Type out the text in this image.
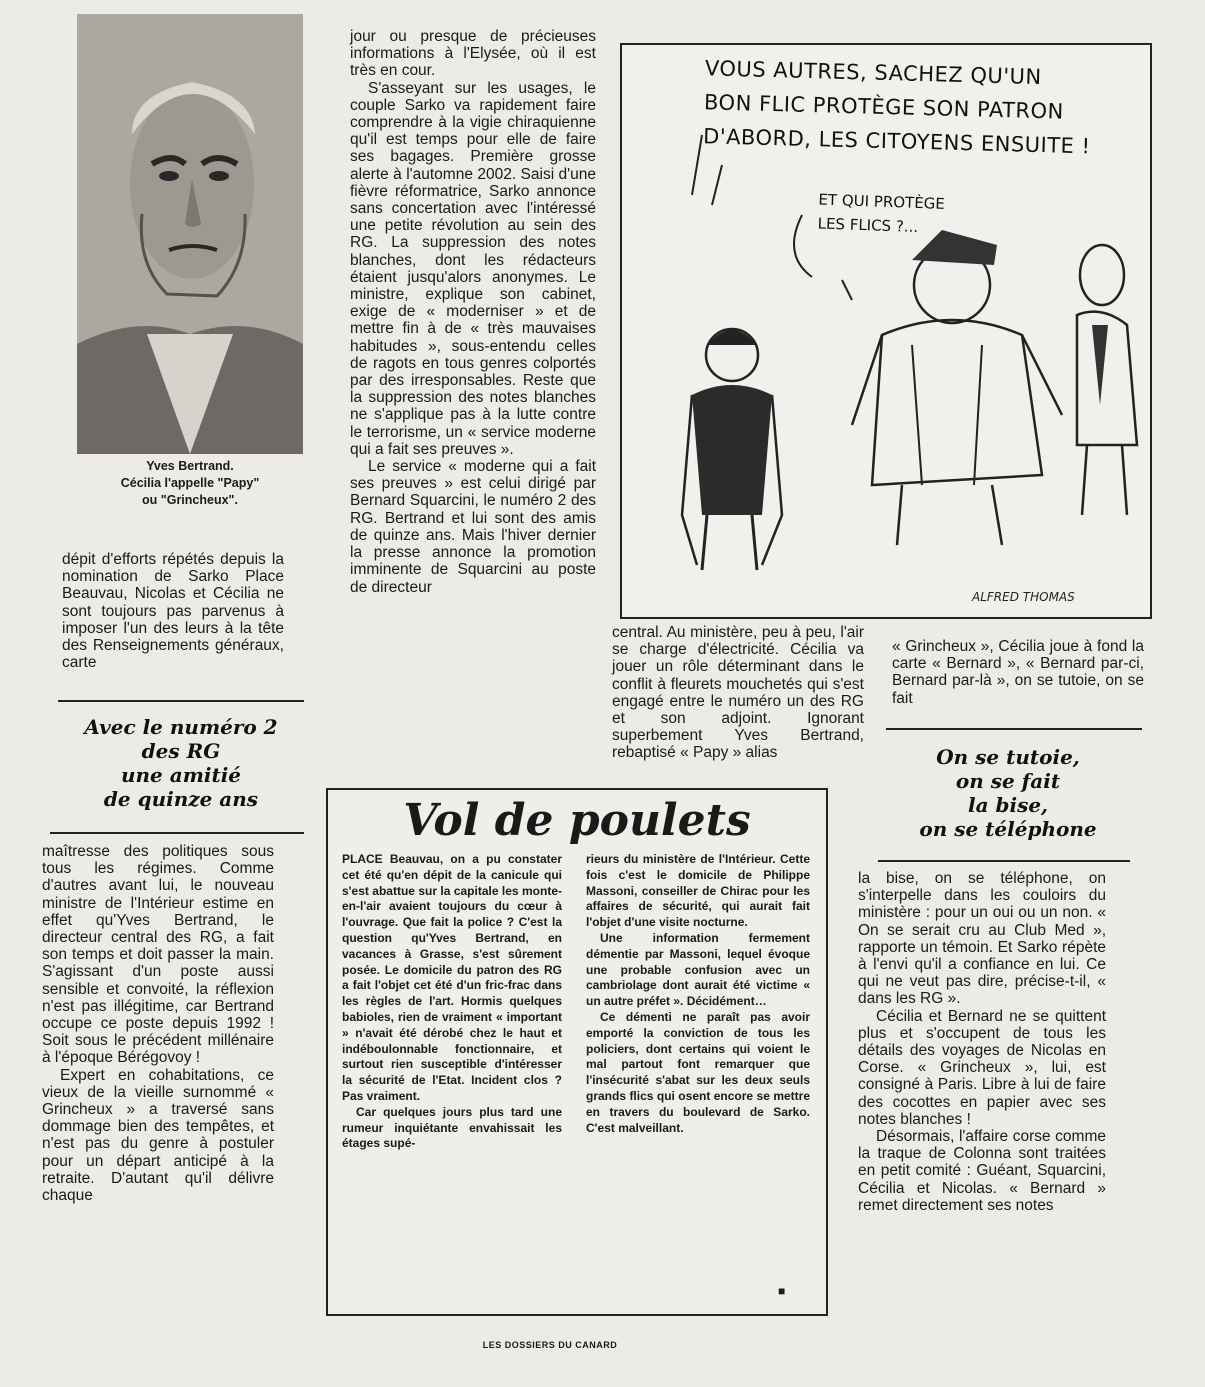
Yves Bertrand.
Cécilia l'appelle "Papy"
ou "Grincheux".

dépit d'efforts répétés depuis la nomination de Sarko Place Beauvau, Nicolas et Cécilia ne sont toujours pas parvenus à imposer l'un des leurs à la tête des Renseignements généraux, carte

Avec le numéro 2
des RG
une amitié
de quinze ans

maîtresse des politiques sous tous les régimes. Comme d'autres avant lui, le nouveau ministre de l'Intérieur estime en effet qu'Yves Bertrand, le directeur central des RG, a fait son temps et doit passer la main. S'agissant d'un poste aussi sensible et convoité, la réflexion n'est pas illégitime, car Bertrand occupe ce poste depuis 1992 ! Soit sous le précédent millénaire à l'époque Bérégovoy !

Expert en cohabitations, ce vieux de la vieille surnommé « Grincheux » a traversé sans dommage bien des tempêtes, et n'est pas du genre à postuler pour un départ anticipé à la retraite. D'autant qu'il délivre chaque

jour ou presque de précieuses informations à l'Elysée, où il est très en cour.

S'asseyant sur les usages, le couple Sarko va rapidement faire comprendre à la vigie chiraquienne qu'il est temps pour elle de faire ses bagages. Première grosse alerte à l'automne 2002. Saisi d'une fièvre réformatrice, Sarko annonce sans concertation avec l'intéressé une petite révolution au sein des RG. La suppression des notes blanches, dont les rédacteurs étaient jusqu'alors anonymes. Le ministre, explique son cabinet, exige de « moderniser » et de mettre fin à de « très mauvaises habitudes », sous-entendu celles de ragots en tous genres colportés par des irresponsables. Reste que la suppression des notes blanches ne s'applique pas à la lutte contre le terrorisme, un « service moderne qui a fait ses preuves ».

Le service « moderne qui a fait ses preuves » est celui dirigé par Bernard Squarcini, le numéro 2 des RG. Bertrand et lui sont des amis de quinze ans. Mais l'hiver dernier la presse annonce la promotion imminente de Squarcini au poste de directeur

VOUS AUTRES, SACHEZ QU'UN
BON FLIC PROTÈGE SON PATRON
D'ABORD, LES CITOYENS ENSUITE !
ET QUI PROTÈGE
LES FLICS ?...
ALFRED THOMAS

central. Au ministère, peu à peu, l'air se charge d'électricité. Cécilia va jouer un rôle déterminant dans le conflit à fleurets mouchetés qui s'est engagé entre le numéro un des RG et son adjoint. Ignorant superbement Yves Bertrand, rebaptisé « Papy » alias

« Grincheux », Cécilia joue à fond la carte « Bernard », « Bernard par-ci, Bernard par-là », on se tutoie, on se fait

On se tutoie,
on se fait
la bise,
on se téléphone

la bise, on se téléphone, on s'interpelle dans les couloirs du ministère : pour un oui ou un non. « On se serait cru au Club Med », rapporte un témoin. Et Sarko répète à l'envi qu'il a confiance en lui. Ce qui ne veut pas dire, précise-t-il, « dans les RG ».

Cécilia et Bernard ne se quittent plus et s'occupent de tous les détails des voyages de Nicolas en Corse. « Grincheux », lui, est consigné à Paris. Libre à lui de faire des cocottes en papier avec ses notes blanches !

Désormais, l'affaire corse comme la traque de Colonna sont traitées en petit comité : Guéant, Squarcini, Cécilia et Nicolas. « Bernard » remet directement ses notes

Vol de poulets

PLACE Beauvau, on a pu constater cet été qu'en dépit de la canicule qui s'est abattue sur la capitale les monte-en-l'air avaient toujours du cœur à l'ouvrage. Que fait la police ? C'est la question qu'Yves Bertrand, en vacances à Grasse, s'est sûrement posée. Le domicile du patron des RG a fait l'objet cet été d'un fric-frac dans les règles de l'art. Hormis quelques babioles, rien de vraiment « important » n'avait été dérobé chez le haut et indéboulonnable fonctionnaire, et surtout rien susceptible d'intéresser la sécurité de l'Etat. Incident clos ? Pas vraiment.

Car quelques jours plus tard une rumeur inquiétante envahissait les étages supé-

rieurs du ministère de l'Intérieur. Cette fois c'est le domicile de Philippe Massoni, conseiller de Chirac pour les affaires de sécurité, qui aurait fait l'objet d'une visite nocturne.

Une information fermement démentie par Massoni, lequel évoque une probable confusion avec un cambriolage dont aurait été victime « un autre préfet ». Décidément…

Ce démenti ne paraît pas avoir emporté la conviction de tous les policiers, dont certains qui voient le mal partout font remarquer que l'insécurité s'abat sur les deux seuls grands flics qui osent encore se mettre en travers du boulevard de Sarko. C'est malveillant.

■
LES DOSSIERS DU CANARD
